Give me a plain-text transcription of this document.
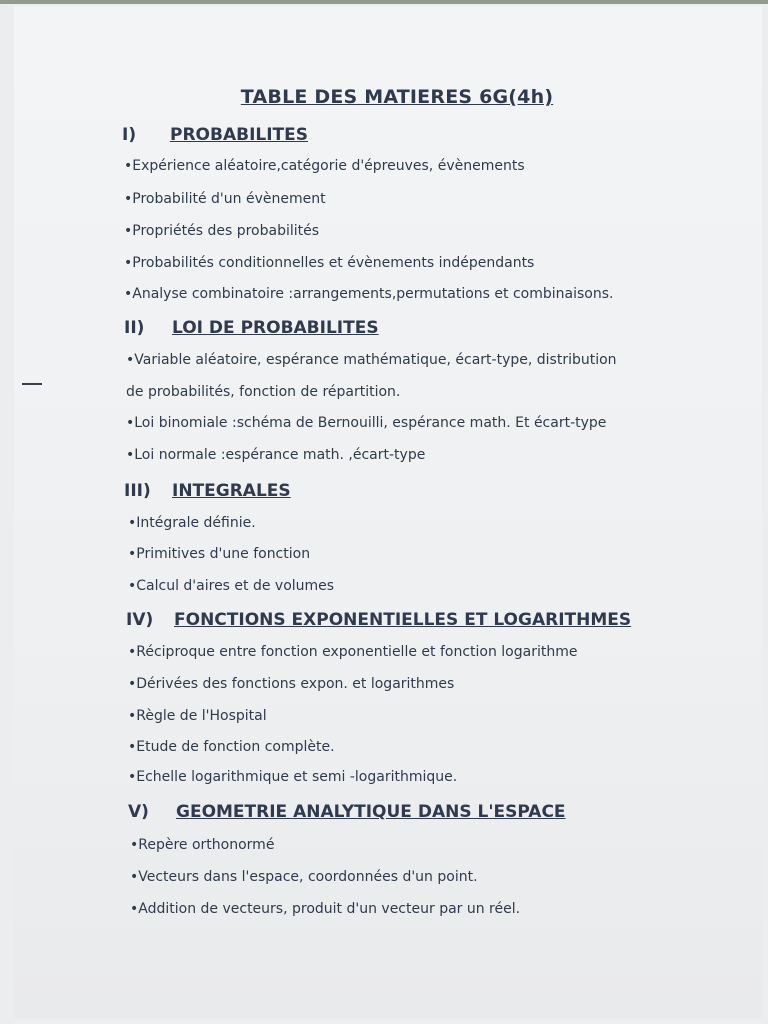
TABLE DES MATIERES 6G(4h)
I) PROBABILITES
•Expérience aléatoire,catégorie d'épreuves, évènements
•Probabilité d'un évènement
•Propriétés des probabilités
•Probabilités conditionnelles et évènements indépendants
•Analyse combinatoire :arrangements,permutations et combinaisons.
II) LOI DE PROBABILITES
•Variable aléatoire, espérance mathématique, écart-type, distribution
de probabilités, fonction de répartition.
•Loi binomiale :schéma de Bernouilli, espérance math. Et écart-type
•Loi normale :espérance math. ,écart-type
III) INTEGRALES
•Intégrale définie.
•Primitives d'une fonction
•Calcul d'aires et de volumes
IV) FONCTIONS EXPONENTIELLES ET LOGARITHMES
•Réciproque entre fonction exponentielle et fonction logarithme
•Dérivées des fonctions expon. et logarithmes
•Règle de l'Hospital
•Etude de fonction complète.
•Echelle logarithmique et semi -logarithmique.
V) GEOMETRIE ANALYTIQUE DANS L'ESPACE
•Repère orthonormé
•Vecteurs dans l'espace, coordonnées d'un point.
•Addition de vecteurs, produit d'un vecteur par un réel.
